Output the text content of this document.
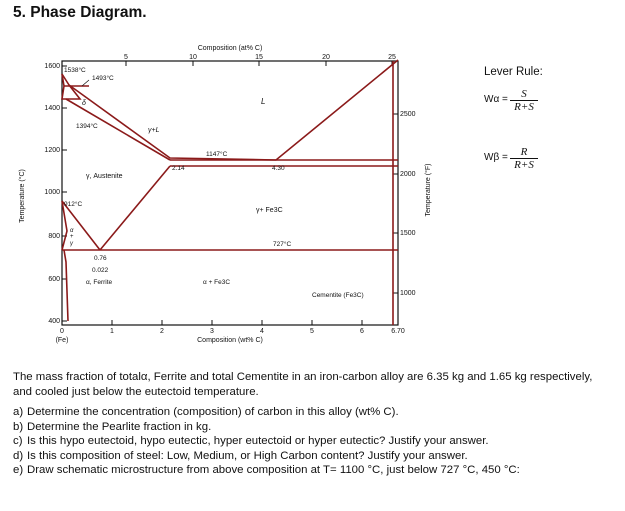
5. Phase Diagram.
Composition (at% C)
5	10	15	20	25
0	1	2	3	4	5	6	6.70
(Fe)	Composition (wt% C)
1600
1400
1200
1000
800
600
400
Temperature (°C)
2500
2000
1500
1000
Temperature (°F)
1538°C
1493°C
1394°C
1147°C
2.14	4.30
912°C
727°C
0.76
0.022
δ	L
γ+L
γ, Austenite
γ+ Fe3C
α
+
γ
α, Ferrite	α + Fe3C
Cementite (Fe3C)
Lever Rule:
Wα = S
R+S
Wβ = R
R+S

The mass fraction of totalα, Ferrite and total Cementite in an iron-carbon alloy are 6.35 kg and 1.65 kg respectively, and cooled just below the eutectoid temperature.

a) Determine the concentration (composition) of carbon in this alloy (wt% C).
b) Determine the Pearlite fraction in kg.
c) Is this hypo eutectoid, hypo eutectic, hyper eutectoid or hyper eutectic? Justify your answer.
d) Is this composition of steel: Low, Medium, or High Carbon content? Justify your answer.
e) Draw schematic microstructure from above composition at T= 1100 °C, just below 727 °C, 450 °C:
